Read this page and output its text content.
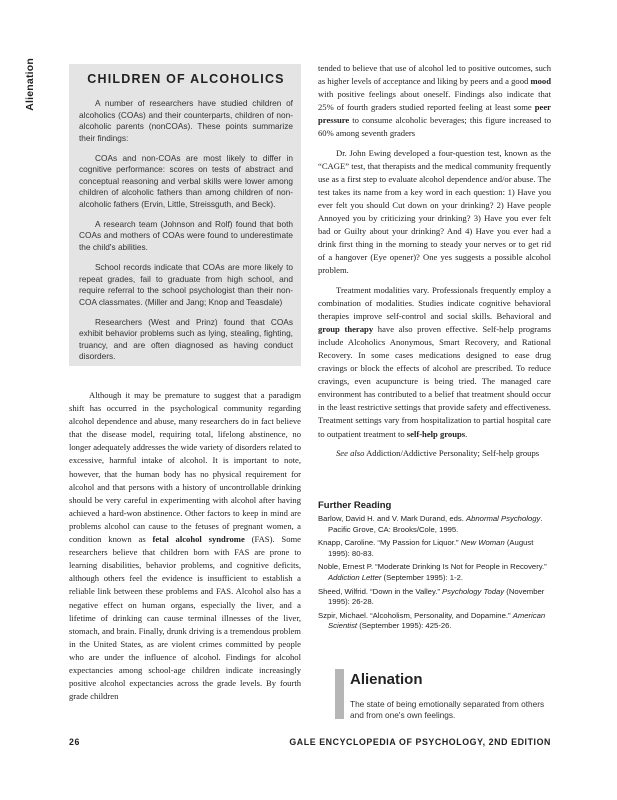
Alienation	CHILDREN OF ALCOHOLICS

A number of researchers have studied children of alcoholics (COAs) and their counterparts, children of non-alcoholic parents (nonCOAs). These points summarize their findings:

COAs and non-COAs are most likely to differ in cognitive performance: scores on tests of abstract and conceptual reasoning and verbal skills were lower among children of alcoholic fathers than among children of non-alcoholic fathers (Ervin, Little, Streissguth, and Beck).

A research team (Johnson and Rolf) found that both COAs and mothers of COAs were found to underestimate the child's abilities.

School records indicate that COAs are more likely to repeat grades, fail to graduate from high school, and require referral to the school psychologist than their non-COA classmates. (Miller and Jang; Knop and Teasdale)

Researchers (West and Prinz) found that COAs exhibit behavior problems such as lying, stealing, fighting, truancy, and are often diagnosed as having conduct disorders.

Although it may be premature to suggest that a paradigm shift has occurred in the psychological community regarding alcohol dependence and abuse, many researchers do in fact believe that the disease model, requiring total, lifelong abstinence, no longer adequately addresses the wide variety of disorders related to excessive, harmful intake of alcohol. It is important to note, however, that the human body has no physical requirement for alcohol and that persons with a history of uncontrollable drinking should be very careful in experimenting with alcohol after having achieved a hard-won abstinence. Other factors to keep in mind are problems alcohol can cause to the fetuses of pregnant women, a condition known as fetal alcohol syndrome (FAS). Some researchers believe that children born with FAS are prone to learning disabilities, behavior problems, and cognitive deficits, although others feel the evidence is insufficient to establish a reliable link between these problems and FAS. Alcohol also has a negative effect on human organs, especially the liver, and a lifetime of drinking can cause terminal illnesses of the liver, stomach, and brain. Finally, drunk driving is a tremendous problem in the United States, as are violent crimes committed by people who are under the influence of alcohol. Findings for alcohol expectancies among school-age children indicate increasingly positive alcohol expectancies across the grade levels. By fourth grade children

tended to believe that use of alcohol led to positive outcomes, such as higher levels of acceptance and liking by peers and a good mood with positive feelings about oneself. Findings also indicate that 25% of fourth graders studied reported feeling at least some peer pressure to consume alcoholic beverages; this figure increased to 60% among seventh graders

Dr. John Ewing developed a four-question test, known as the “CAGE” test, that therapists and the medical community frequently use as a first step to evaluate alcohol dependence and/or abuse. The test takes its name from a key word in each question: 1) Have you ever felt you should Cut down on your drinking? 2) Have people Annoyed you by criticizing your drinking? 3) Have you ever felt bad or Guilty about your drinking? And 4) Have you ever had a drink first thing in the morning to steady your nerves or to get rid of a hangover (Eye opener)? One yes suggests a possible alcohol problem.

Treatment modalities vary. Professionals frequently employ a combination of modalities. Studies indicate cognitive behavioral therapies improve self-control and social skills. Behavioral and group therapy have also proven effective. Self-help programs include Alcoholics Anonymous, Smart Recovery, and Rational Recovery. In some cases medications designed to ease drug cravings or block the effects of alcohol are prescribed. To reduce cravings, even acupuncture is being tried. The managed care environment has contributed to a belief that treatment should occur in the least restrictive settings that provide safety and effectiveness. Treatment settings vary from hospitalization to partial hospital care to outpatient treatment to self-help groups.

See also Addiction/Addictive Personality; Self-help groups

Further Reading
Barlow, David H. and V. Mark Durand, eds. Abnormal Psychology. Pacific Grove, CA: Brooks/Cole, 1995.
Knapp, Caroline. “My Passion for Liquor.” New Woman (August 1995): 80-83.
Noble, Ernest P. “Moderate Drinking Is Not for People in Recovery.” Addiction Letter (September 1995): 1-2.
Sheed, Wilfrid. “Down in the Valley.” Psychology Today (November 1995): 26-28.
Szpir, Michael. “Alcoholism, Personality, and Dopamine.” American Scientist (September 1995): 425-26.
Alienation
The state of being emotionally separated from others and from one's own feelings.
26	GALE ENCYCLOPEDIA OF PSYCHOLOGY, 2ND EDITION
